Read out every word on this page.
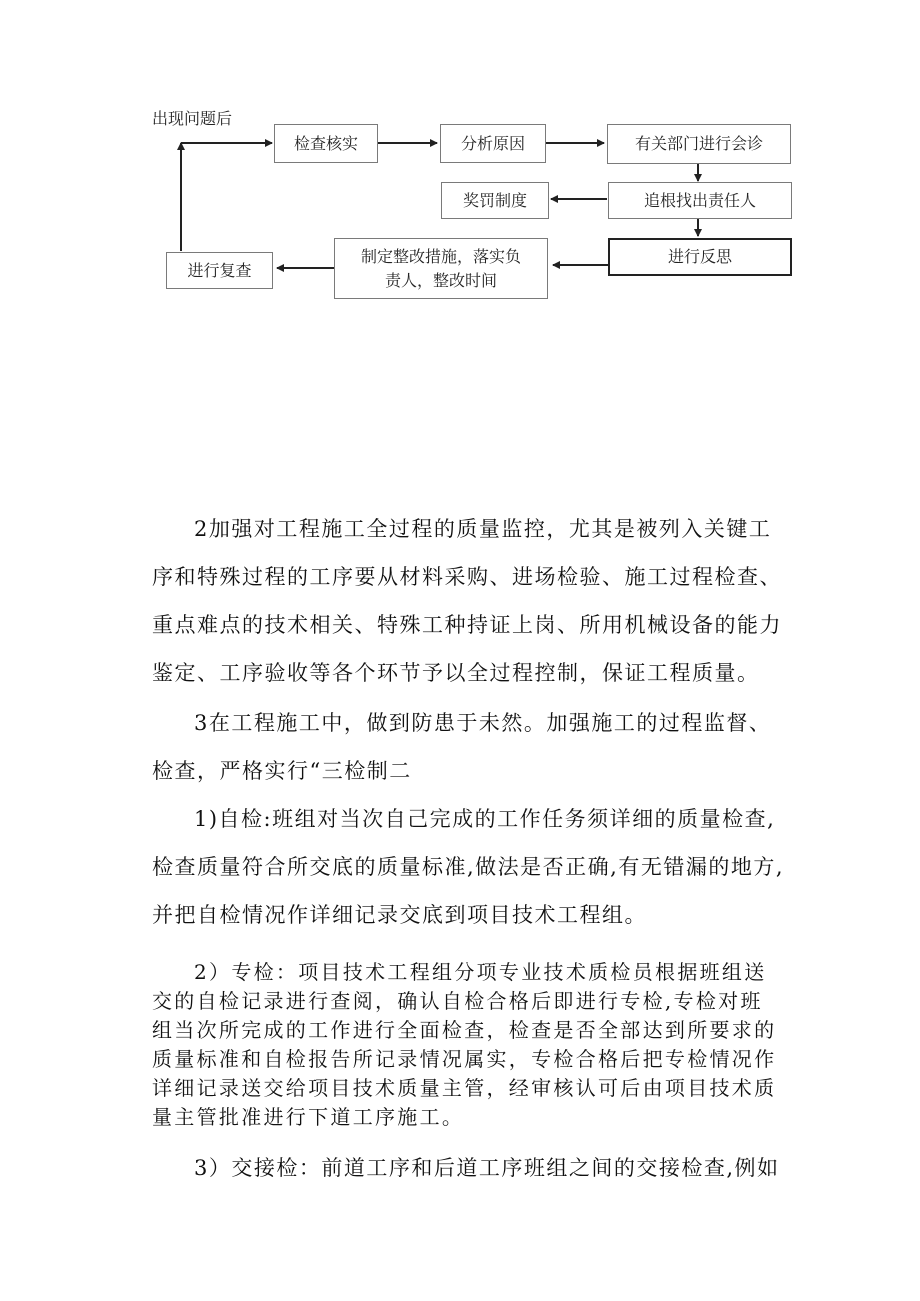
出现问题后
检查核实	分析原因	有关部门进行会诊
奖罚制度	追根找出责任人
进行反思
制定整改措施，落实负
责人，整改时间
进行复查
2加强对工程施工全过程的质量监控，尤其是被列入关键工
序和特殊过程的工序要从材料采购、进场检验、施工过程检查、
重点难点的技术相关、特殊工种持证上岗、所用机械设备的能力
鉴定、工序验收等各个环节予以全过程控制，保证工程质量。
3在工程施工中，做到防患于未然。加强施工的过程监督、
检查，严格实行“三检制二
1)自检:班组对当次自己完成的工作任务须详细的质量检查,
检查质量符合所交底的质量标准,做法是否正确,有无错漏的地方,
并把自检情况作详细记录交底到项目技术工程组。
2）专检：项目技术工程组分项专业技术质检员根据班组送
交的自检记录进行查阅，确认自检合格后即进行专检,专检对班
组当次所完成的工作进行全面检查，检查是否全部达到所要求的
质量标准和自检报告所记录情况属实，专检合格后把专检情况作
详细记录送交给项目技术质量主管，经审核认可后由项目技术质
量主管批准进行下道工序施工。
3）交接检：前道工序和后道工序班组之间的交接检查,例如
